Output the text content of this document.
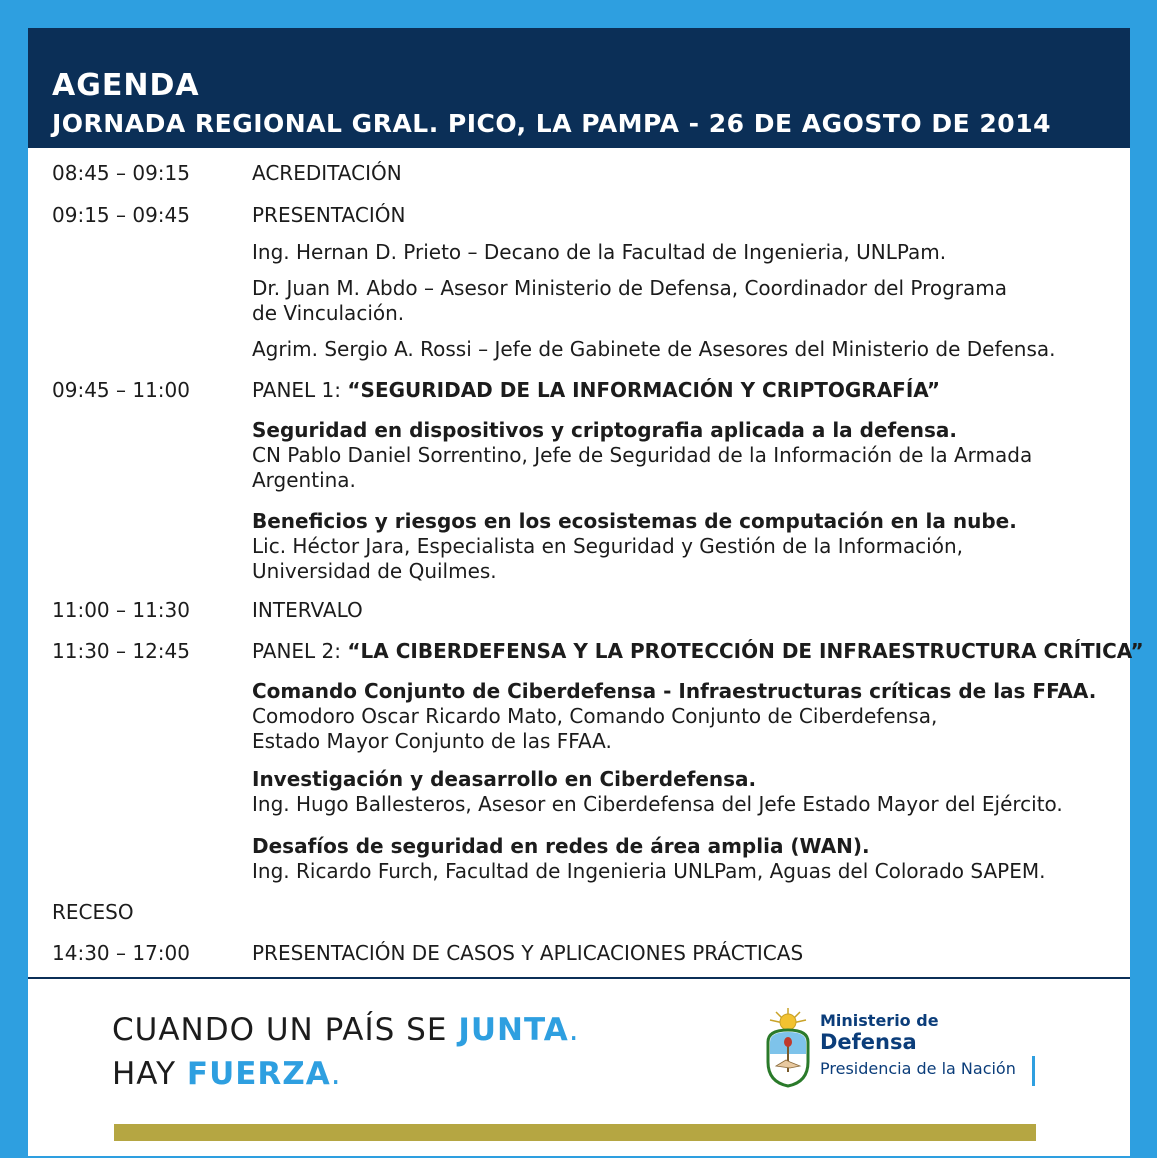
AGENDA
JORNADA REGIONAL GRAL. PICO, LA PAMPA - 26 DE AGOSTO DE 2014
08:45 – 09:15	ACREDITACIÓN
09:15 – 09:45	PRESENTACIÓN
Ing. Hernan D. Prieto – Decano de la Facultad de Ingenieria, UNLPam.
Dr. Juan M. Abdo – Asesor Ministerio de Defensa, Coordinador del Programa
de Vinculación.
Agrim. Sergio A. Rossi – Jefe de Gabinete de Asesores del Ministerio de Defensa.
09:45 – 11:00	PANEL 1: “SEGURIDAD DE LA INFORMACIÓN Y CRIPTOGRAFÍA”
Seguridad en dispositivos y criptografia aplicada a la defensa.
CN Pablo Daniel Sorrentino, Jefe de Seguridad de la Información de la Armada
Argentina.
Beneficios y riesgos en los ecosistemas de computación en la nube.
Lic. Héctor Jara, Especialista en Seguridad y Gestión de la Información,
Universidad de Quilmes.
11:00 – 11:30	INTERVALO
11:30 – 12:45	PANEL 2: “LA CIBERDEFENSA Y LA PROTECCIÓN DE INFRAESTRUCTURA CRÍTICA”
Comando Conjunto de Ciberdefensa - Infraestructuras críticas de las FFAA.
Comodoro Oscar Ricardo Mato, Comando Conjunto de Ciberdefensa,
Estado Mayor Conjunto de las FFAA.
Investigación y deasarrollo en Ciberdefensa.
Ing. Hugo Ballesteros, Asesor en Ciberdefensa del Jefe Estado Mayor del Ejército.
Desafíos de seguridad en redes de área amplia (WAN).
Ing. Ricardo Furch, Facultad de Ingenieria UNLPam, Aguas del Colorado SAPEM.
RECESO
14:30 – 17:00	PRESENTACIÓN DE CASOS Y APLICACIONES PRÁCTICAS
CUANDO UN PAÍS SE JUNTA.
HAY FUERZA.
Ministerio de
Defensa
Presidencia de la Nación
